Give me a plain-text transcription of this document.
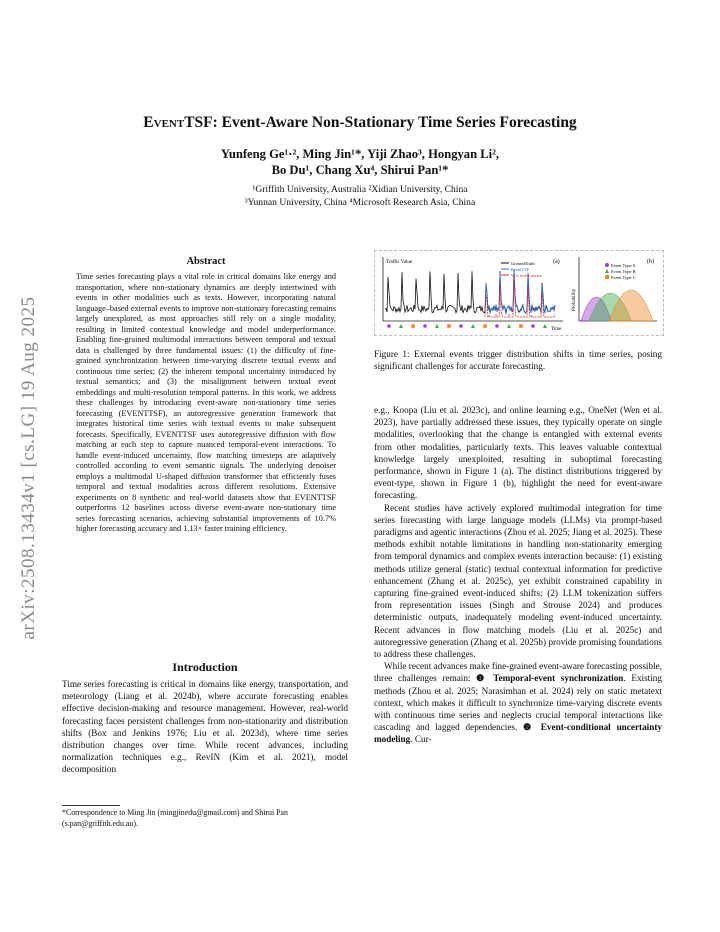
arXiv:2508.13434v1 [cs.LG] 19 Aug 2025
EventTSF: Event-Aware Non-Stationary Time Series Forecasting
Yunfeng Ge¹·², Ming Jin¹*, Yiji Zhao³, Hongyan Li²,
Bo Du¹, Chang Xu⁴, Shirui Pan¹*
¹Griffith University, Australia ²Xidian University, China
³Yunnan University, China ⁴Microsoft Research Asia, China
Abstract
Time series forecasting plays a vital role in critical domains like energy and transportation, where non-stationary dynamics are deeply intertwined with events in other modalities such as texts. However, incorporating natural language–based external events to improve non-stationary forecasting remains largely unexplored, as most approaches still rely on a single modality, resulting in limited contextual knowledge and model underperformance. Enabling fine-grained multimodal interactions between temporal and textual data is challenged by three fundamental issues: (1) the difficulty of fine-grained synchronization between time-varying discrete textual events and continuous time series; (2) the inherent temporal uncertainty introduced by textual semantics; and (3) the misalignment between textual event embeddings and multi-resolution temporal patterns. In this work, we address these challenges by introducing event-aware non-stationary time series forecasting (EVENTTSF), an autoregressive generation framework that integrates historical time series with textual events to make subsequent forecasts. Specifically, EVENTTSF uses autoregressive diffusion with flow matching at each step to capture nuanced temporal-event interactions. To handle event-induced uncertainty, flow matching timesteps are adaptively controlled according to event semantic signals. The underlying denoiser employs a multimodal U-shaped diffusion transformer that efficiently fuses temporal and textual modalities across different resolutions. Extensive experiments on 8 synthetic and real-world datasets show that EVENTTSF outperforms 12 baselines across diverse event-aware non-stationary time series forecasting scenarios, achieving substantial improvements of 10.7% higher forecasting accuracy and 1.13× faster training efficiency.
Introduction
Time series forecasting is critical in domains like energy, transportation, and meteorology (Liang et al. 2024b), where accurate forecasting enables effective decision-making and resource management. However, real-world forecasting faces persistent challenges from non-stationarity and distribution shifts (Box and Jenkins 1976; Liu et al. 2023d), where time series distribution changes over time. While recent advances, including normalization techniques e.g., RevIN (Kim et al. 2021), model decomposition
*Correspondence to Ming Jin (mingjinedu@gmail.com) and Shirui Pan (s.pan@griffith.edu.au).
Traffic Value
Time
(a)
GroundTruth
EventTSF
W/o event-aware
Probability
(b)
Event Type A
Event Type B
Event Type C
Figure 1: External events trigger distribution shifts in time series, posing significant challenges for accurate forecasting.

e.g., Koopa (Liu et al. 2023c), and online learning e.g., OneNet (Wen et al. 2023), have partially addressed these issues, they typically operate on single modalities, overlooking that the change is entangled with external events from other modalities, particularly texts. This leaves valuable contextual knowledge largely unexploited, resulting in suboptimal forecasting performance, shown in Figure 1 (a). The distinct distributions triggered by event-type, shown in Figure 1 (b), highlight the need for event-aware forecasting.

Recent studies have actively explored multimodal integration for time series forecasting with large language models (LLMs) via prompt-based paradigms and agentic interactions (Zhou et al. 2025; Jiang et al. 2025). These methods exhibit notable limitations in handling non-stationarity emerging from temporal dynamics and complex events interaction because: (1) existing methods utilize general (static) textual contextual information for predictive enhancement (Zhang et al. 2025c), yet exhibit constrained capability in capturing fine-grained event-induced shifts; (2) LLM tokenization suffers from representation issues (Singh and Strouse 2024) and produces deterministic outputs, inadequately modeling event-induced uncertainty. Recent advances in flow matching models (Liu et al. 2025c) and autoregressive generation (Zhang et al. 2025b) provide promising foundations to address these challenges.

While recent advances make fine-grained event-aware forecasting possible, three challenges remain: ❶ Temporal-event synchronization. Existing methods (Zhou et al. 2025; Narasimhan et al. 2024) rely on static metatext context, which makes it difficult to synchronize time-varying discrete events with continuous time series and neglects crucial temporal interactions like cascading and lagged dependencies. ❷ Event-conditional uncertainty modeling. Cur-
